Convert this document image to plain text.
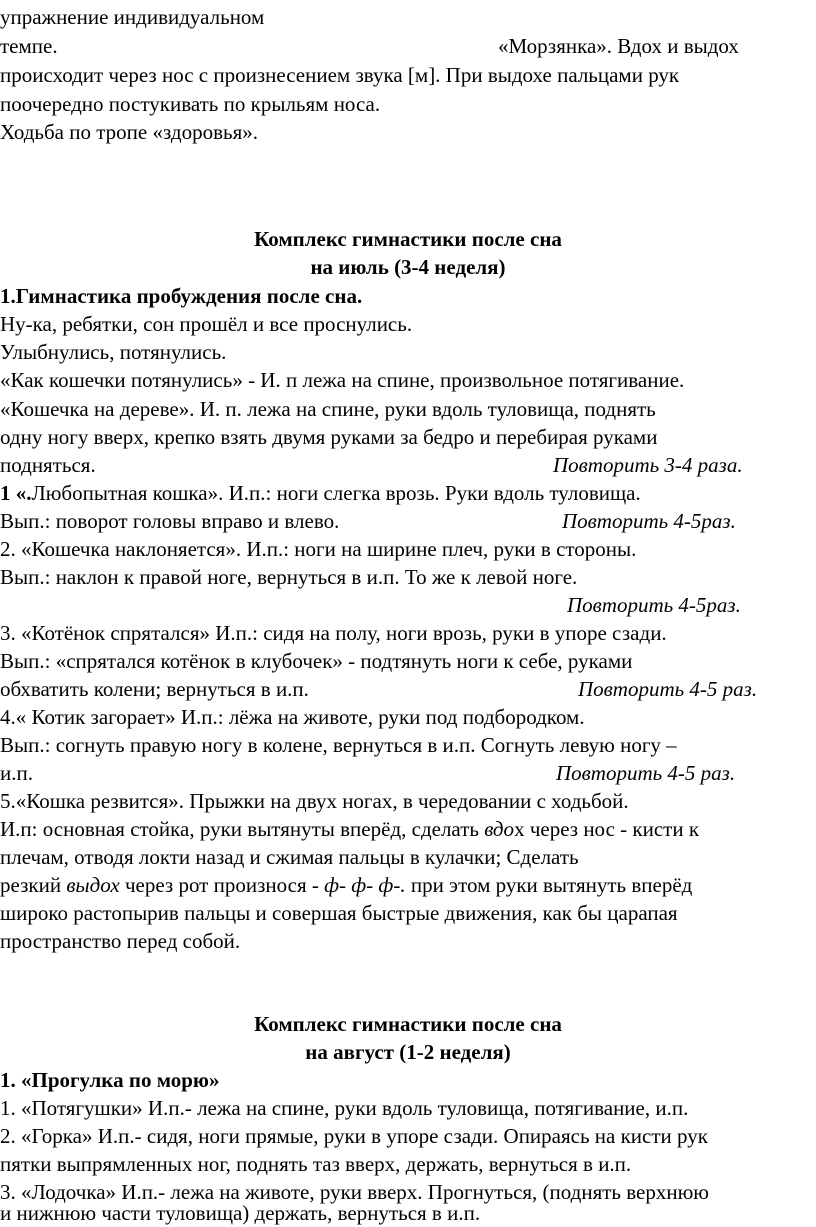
упражнение индивидуальном
темпе.	«Морзянка». Вдох и выдох
происходит через нос с произнесением звука [м]. При выдохе пальцами рук
поочередно постукивать по крыльям носа.
Ходьба по тропе «здоровья».
Комплекс гимнастики после сна
на июль (3-4 неделя)
1.Гимнастика пробуждения после сна.
Ну-ка, ребятки, сон прошёл и все проснулись.
Улыбнулись, потянулись.
«Как кошечки потянулись» - И. п лежа на спине, произвольное потягивание.
«Кошечка на дереве». И. п. лежа на спине, руки вдоль туловища, поднять
одну ногу вверх, крепко взять двумя руками за бедро и перебирая руками
подняться.	Повторить 3-4 раза.
1 «.Любопытная кошка». И.п.: ноги слегка врозь. Руки вдоль туловища.
Вып.: поворот головы вправо и влево.	Повторить 4-5раз.
2. «Кошечка наклоняется». И.п.: ноги на ширине плеч, руки в стороны.
Вып.: наклон к правой ноге, вернуться в и.п. То же к левой ноге.
Повторить 4-5раз.
3. «Котёнок спрятался» И.п.: сидя на полу, ноги врозь, руки в упоре сзади.
Вып.: «спрятался котёнок в клубочек» - подтянуть ноги к себе, руками
обхватить колени; вернуться в и.п.	Повторить 4-5 раз.
4.« Котик загорает» И.п.: лёжа на животе, руки под подбородком.
Вып.: согнуть правую ногу в колене, вернуться в и.п. Согнуть левую ногу –
и.п.	Повторить 4-5 раз.
5.«Кошка резвится». Прыжки на двух ногах, в чередовании с ходьбой.
И.п: основная стойка, руки вытянуты вперёд, сделать вдох через нос - кисти к
плечам, отводя локти назад и сжимая пальцы в кулачки; Сделать
резкий выдох через рот произнося - ф- ф- ф-. при этом руки вытянуть вперёд
широко растопырив пальцы и совершая быстрые движения, как бы царапая
пространство перед собой.
Комплекс гимнастики после сна
на август (1-2 неделя)
1. «Прогулка по морю»
1. «Потягушки» И.п.- лежа на спине, руки вдоль туловища, потягивание, и.п.
2. «Горка» И.п.- сидя, ноги прямые, руки в упоре сзади. Опираясь на кисти рук
пятки выпрямленных ног, поднять таз вверх, держать, вернуться в и.п.
3. «Лодочка» И.п.- лежа на животе, руки вверх. Прогнуться, (поднять верхнюю
и нижнюю части туловища) держать, вернуться в и.п.
